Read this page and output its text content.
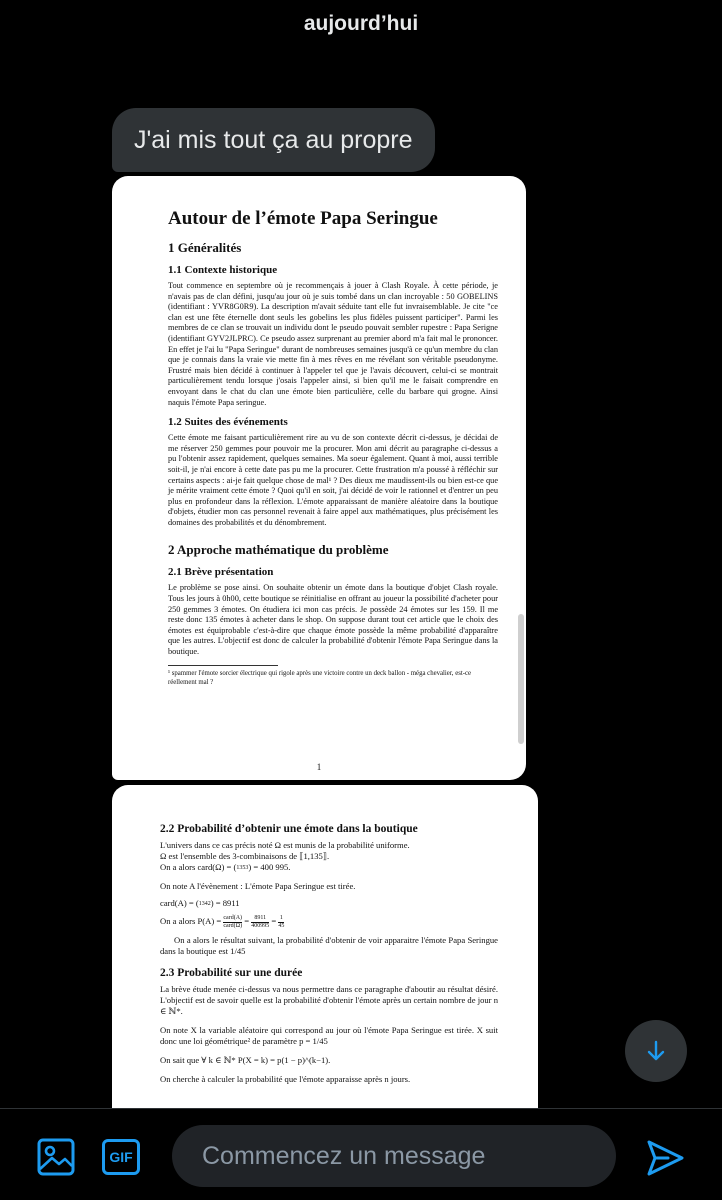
aujourd’hui
J'ai mis tout ça au propre
Autour de l’émote Papa Seringue
1 Généralités
1.1 Contexte historique

Tout commence en septembre où je recommençais à jouer à Clash Royale. À cette période, je n'avais pas de clan défini, jusqu'au jour où je suis tombé dans un clan incroyable : 50 GOBELINS (identifiant : YVR8G0R9). La description m'avait séduite tant elle fut invraisemblable. Je cite "ce clan est une fête éternelle dont seuls les gobelins les plus fidèles puissent participer". Parmi les membres de ce clan se trouvait un individu dont le pseudo pouvait sembler rupestre : Papa Serigne (identifiant GYV2JLPRC). Ce pseudo assez surprenant au premier abord m'a fait mal le prononcer. En effet je l'ai lu "Papa Seringue" durant de nombreuses semaines jusqu'à ce qu'un membre du clan que je connais dans la vraie vie mette fin à mes rêves en me révélant son véritable pseudonyme. Frustré mais bien décidé à continuer à l'appeler tel que je l'avais découvert, celui-ci se montrait particulièrement tendu lorsque j'osais l'appeler ainsi, si bien qu'il me le faisait comprendre en envoyant dans le chat du clan une émote bien particulière, celle du barbare qui grogne. Ainsi naquis l'émote Papa seringue.

1.2 Suites des événements

Cette émote me faisant particulièrement rire au vu de son contexte décrit ci-dessus, je décidai de me réserver 250 gemmes pour pouvoir me la procurer. Mon ami décrit au paragraphe ci-dessus a pu l'obtenir assez rapidement, quelques semaines. Ma soeur également. Quant à moi, aussi terrible soit-il, je n'ai encore à cette date pas pu me la procurer. Cette frustration m'a poussé à réfléchir sur certains aspects : ai-je fait quelque chose de mal¹ ? Des dieux me maudissent-ils ou bien est-ce que je mérite vraiment cette émote ? Quoi qu'il en soit, j'ai décidé de voir le rationnel et d'entrer un peu plus en profondeur dans la réflexion. L'émote apparaissant de manière aléatoire dans la boutique d'objets, étudier mon cas personnel revenait à faire appel aux mathématiques, plus précisément les domaines des probabilités et du dénombrement.

2 Approche mathématique du problème
2.1 Brève présentation

Le problème se pose ainsi. On souhaite obtenir un émote dans la boutique d'objet Clash royale. Tous les jours à 0h00, cette boutique se réinitialise en offrant au joueur la possibilité d'acheter pour 250 gemmes 3 émotes. On étudiera ici mon cas précis. Je possède 24 émotes sur les 159. Il me reste donc 135 émotes à acheter dans le shop. On suppose durant tout cet article que le choix des émotes est équiprobable c'est-à-dire que chaque émote possède la même probabilité d'apparaître que les autres. L'objectif est donc de calculer la probabilité d'obtenir l'émote Papa Seringue dans la boutique.

¹ spammer l'émote sorcier électrique qui rigole après une victoire contre un deck ballon - méga chevalier, est-ce réellement mal ?

1
2.2 Probabilité d’obtenir une émote dans la boutique
L'univers dans ce cas précis noté Ω est munis de la probabilité uniforme.
Ω est l'ensemble des 3-combinaisons de ⟦1,135⟧.
On a alors card(Ω) = (1353) = 400 995.
On note A l'évènement : L'émote Papa Seringue est tirée.
card(A) = (1342) = 8911
On a alors $P(A) = \frac{\text{card(A)}}{\text{card(Ω)}} = \frac{8911}{400995} = \frac{1}{45}$

On a alors le résultat suivant, la probabilité d'obtenir de voir apparaitre l'émote Papa Seringue dans la boutique est 1/45

2.3 Probabilité sur une durée

La brève étude menée ci-dessus va nous permettre dans ce paragraphe d'aboutir au résultat désiré. L'objectif est de savoir quelle est la probabilité d'obtenir l'émote après un certain nombre de jour n ∈ ℕ*.

On note X la variable aléatoire qui correspond au jour où l'émote Papa Seringue est tirée. X suit donc une loi géométrique² de paramètre p = 1/45

On sait que ∀ k ∈ ℕ* P(X = k) = p(1 − p)^(k−1).

On cherche à calculer la probabilité que l'émote apparaisse après n jours.

GIF
Commencez un message
